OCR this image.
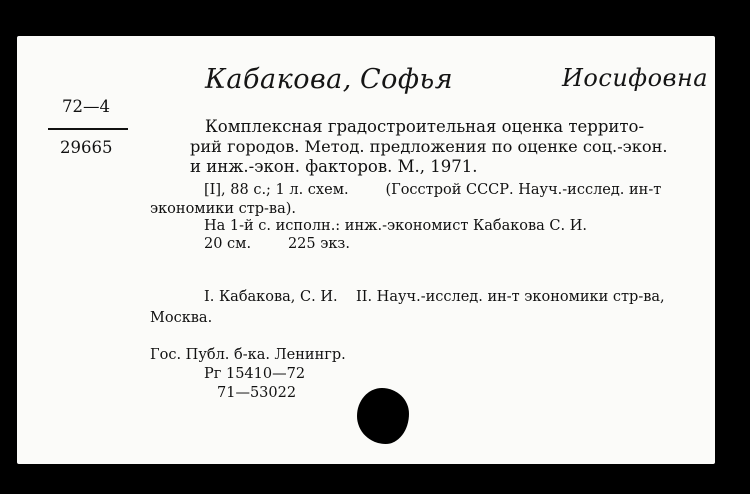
Кабакова, Софья	Иосифовна
72—4
29665
Комплексная градостроительная оценка террито-
рий городов. Метод. предложения по оценке соц.-экон.
и инж.-экон. факторов. М., 1971.
[I], 88 с.; 1 л. схем.        (Госстрой СССР. Науч.-исслед. ин-т
экономики стр-ва).
На 1-й с. исполн.: инж.-экономист Кабакова С. И.
20 см.        225 экз.
I. Кабакова, С. И.    II. Науч.-исслед. ин-т экономики стр-ва,
Москва.
Гос. Публ. б-ка. Ленингр.
Рг 15410—72
71—53022
